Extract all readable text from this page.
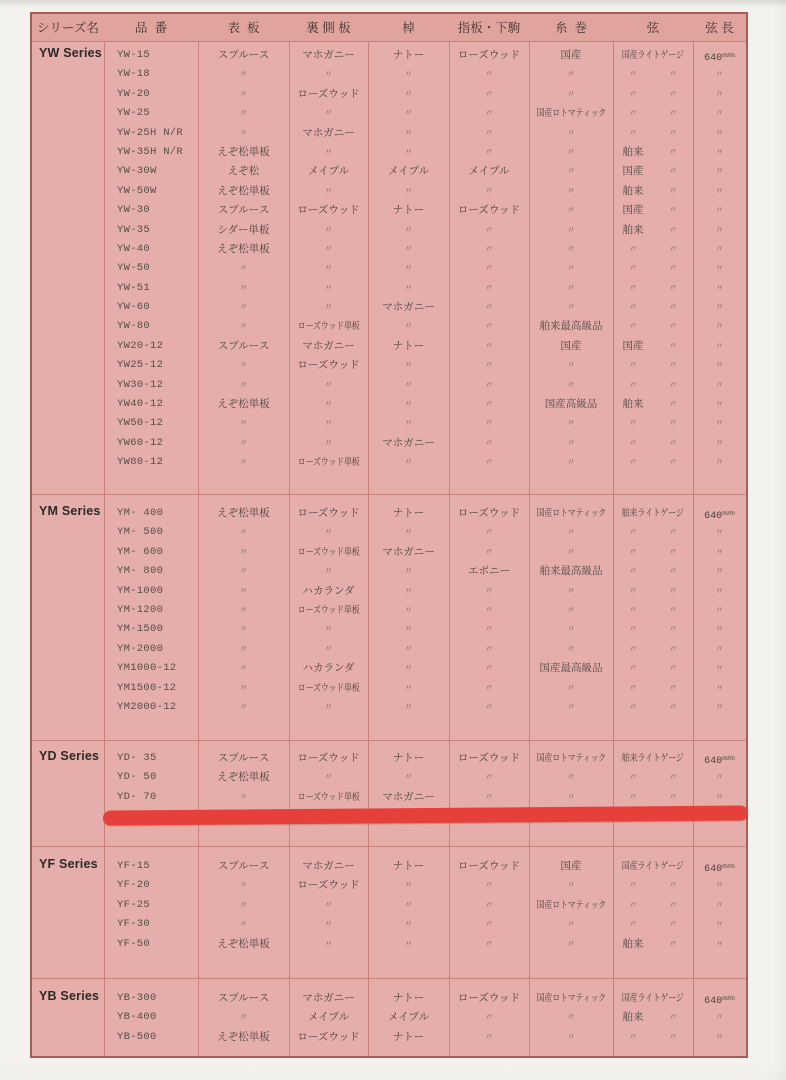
シリーズ名	品  番	表  板	裏 側 板	棹	指板・下駒	糸  巻	弦	弦 長
YW Series	YW-15	スプルース	マホガニー	ナトー	ローズウッド	国産	国産ライトゲージ	$640^{m/m}$
YW-18	〃	〃	〃	〃	〃	〃	〃	〃
YW-20	〃	ローズウッド	〃	〃	〃	〃	〃	〃
YW-25	〃	〃	〃	〃	国産ロトマティック	〃	〃	〃
YW-25H N/R	〃	マホガニー	〃	〃	〃	〃	〃	〃
YW-35H N/R	えぞ松単板	〃	〃	〃	〃	舶来	〃	〃
YW-30W	えぞ松	メイプル	メイプル	メイプル	〃	国産	〃	〃
YW-50W	えぞ松単板	〃	〃	〃	〃	舶来	〃	〃
YW-30	スプルース	ローズウッド	ナトー	ローズウッド	〃	国産	〃	〃
YW-35	シダー単板	〃	〃	〃	〃	舶来	〃	〃
YW-40	えぞ松単板	〃	〃	〃	〃	〃	〃	〃
YW-50	〃	〃	〃	〃	〃	〃	〃	〃
YW-51	〃	〃	〃	〃	〃	〃	〃	〃
YW-60	〃	〃	マホガニー	〃	〃	〃	〃	〃
YW-80	〃	ローズウッド単板	〃	〃	舶来最高級品	〃	〃	〃
YW20-12	スプルース	マホガニー	ナトー	〃	国産	国産	〃	〃
YW25-12	〃	ローズウッド	〃	〃	〃	〃	〃	〃
YW30-12	〃	〃	〃	〃	〃	〃	〃	〃
YW40-12	えぞ松単板	〃	〃	〃	国産高級品	舶来	〃	〃
YW50-12	〃	〃	〃	〃	〃	〃	〃	〃
YW60-12	〃	〃	マホガニー	〃	〃	〃	〃	〃
YW80-12	〃	ローズウッド単板	〃	〃	〃	〃	〃	〃
YM Series	YM- 400	えぞ松単板	ローズウッド	ナトー	ローズウッド	国産ロトマティック	舶来ライトゲージ	$640^{m/m}$
YM- 500	〃	〃	〃	〃	〃	〃	〃	〃
YM- 600	〃	ローズウッド単板	マホガニー	〃	〃	〃	〃	〃
YM- 800	〃	〃	〃	エボニー	舶来最高級品	〃	〃	〃
YM-1000	〃	ハカランダ	〃	〃	〃	〃	〃	〃
YM-1200	〃	ローズウッド単板	〃	〃	〃	〃	〃	〃
YM-1500	〃	〃	〃	〃	〃	〃	〃	〃
YM-2000	〃	〃	〃	〃	〃	〃	〃	〃
YM1000-12	〃	ハカランダ	〃	〃	国産最高級品	〃	〃	〃
YM1500-12	〃	ローズウッド単板	〃	〃	〃	〃	〃	〃
YM2000-12	〃	〃	〃	〃	〃	〃	〃	〃
YD Series	YD- 35	スプルース	ローズウッド	ナトー	ローズウッド	国産ロトマティック	舶来ライトゲージ	$640^{m/m}$
YD- 50	えぞ松単板	〃	〃	〃	〃	〃	〃	〃
YD- 70	〃	ローズウッド単板	マホガニー	〃	〃	〃	〃	〃
YF Series	YF-15	スプルース	マホガニー	ナトー	ローズウッド	国産	国産ライトゲージ	$640^{m/m}$
YF-20	〃	ローズウッド	〃	〃	〃	〃	〃	〃
YF-25	〃	〃	〃	〃	国産ロトマティック	〃	〃	〃
YF-30	〃	〃	〃	〃	〃	〃	〃	〃
YF-50	えぞ松単板	〃	〃	〃	〃	舶来	〃	〃
YB Series	YB-300	スプルース	マホガニー	ナトー	ローズウッド	国産ロトマティック	国産ライトゲージ	$640^{m/m}$
YB-400	〃	メイプル	メイプル	〃	〃	舶来	〃	〃
YB-500	えぞ松単板	ローズウッド	ナトー	〃	〃	〃	〃	〃
